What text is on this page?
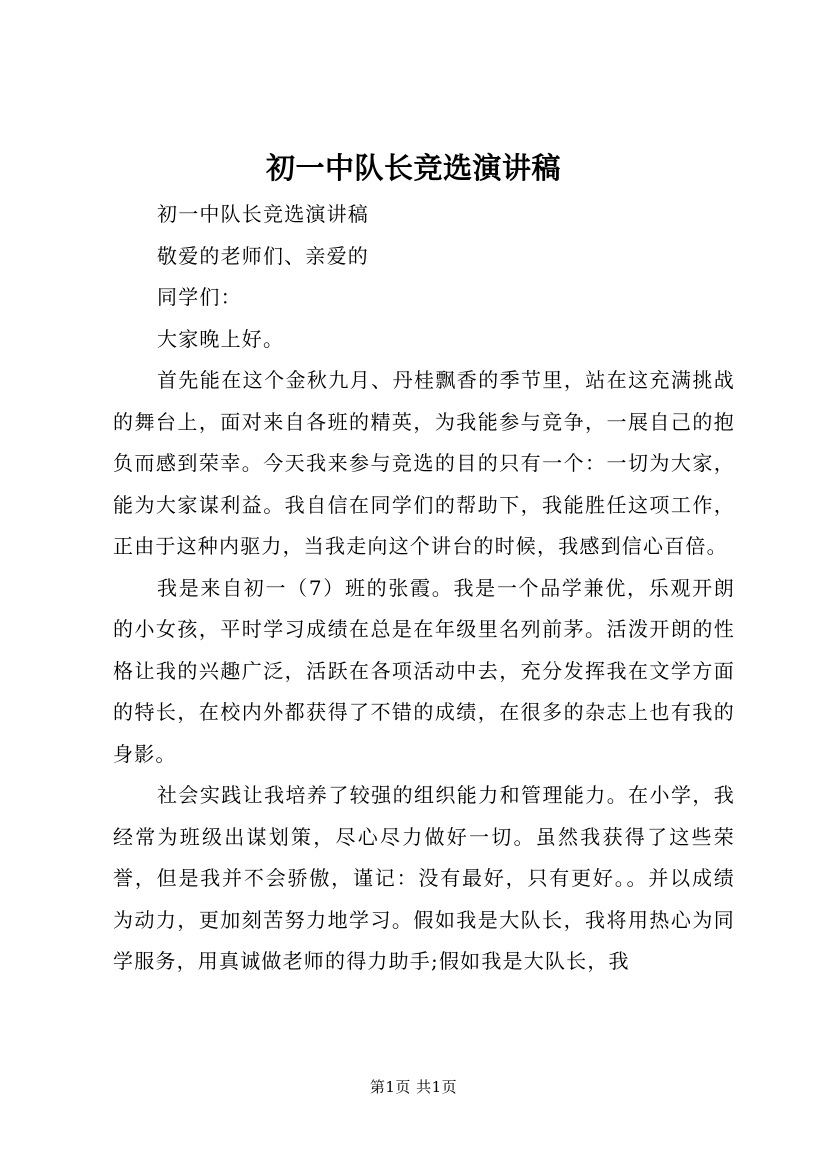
初一中队长竞选演讲稿

初一中队长竞选演讲稿

敬爱的老师们、亲爱的

同学们：

大家晚上好。

首先能在这个金秋九月、丹桂飘香的季节里，站在这充满挑战的舞台上，面对来自各班的精英，为我能参与竞争，一展自己的抱负而感到荣幸。今天我来参与竞选的目的只有一个：一切为大家，能为大家谋利益。我自信在同学们的帮助下，我能胜任这项工作，正由于这种内驱力，当我走向这个讲台的时候，我感到信心百倍。

我是来自初一（7）班的张霞。我是一个品学兼优，乐观开朗的小女孩，平时学习成绩在总是在年级里名列前茅。活泼开朗的性格让我的兴趣广泛，活跃在各项活动中去，充分发挥我在文学方面的特长，在校内外都获得了不错的成绩，在很多的杂志上也有我的身影。

社会实践让我培养了较强的组织能力和管理能力。在小学，我经常为班级出谋划策，尽心尽力做好一切。虽然我获得了这些荣誉，但是我并不会骄傲，谨记：没有最好，只有更好。。并以成绩为动力，更加刻苦努力地学习。假如我是大队长，我将用热心为同学服务，用真诚做老师的得力助手;假如我是大队长，我

第1页 共1页
